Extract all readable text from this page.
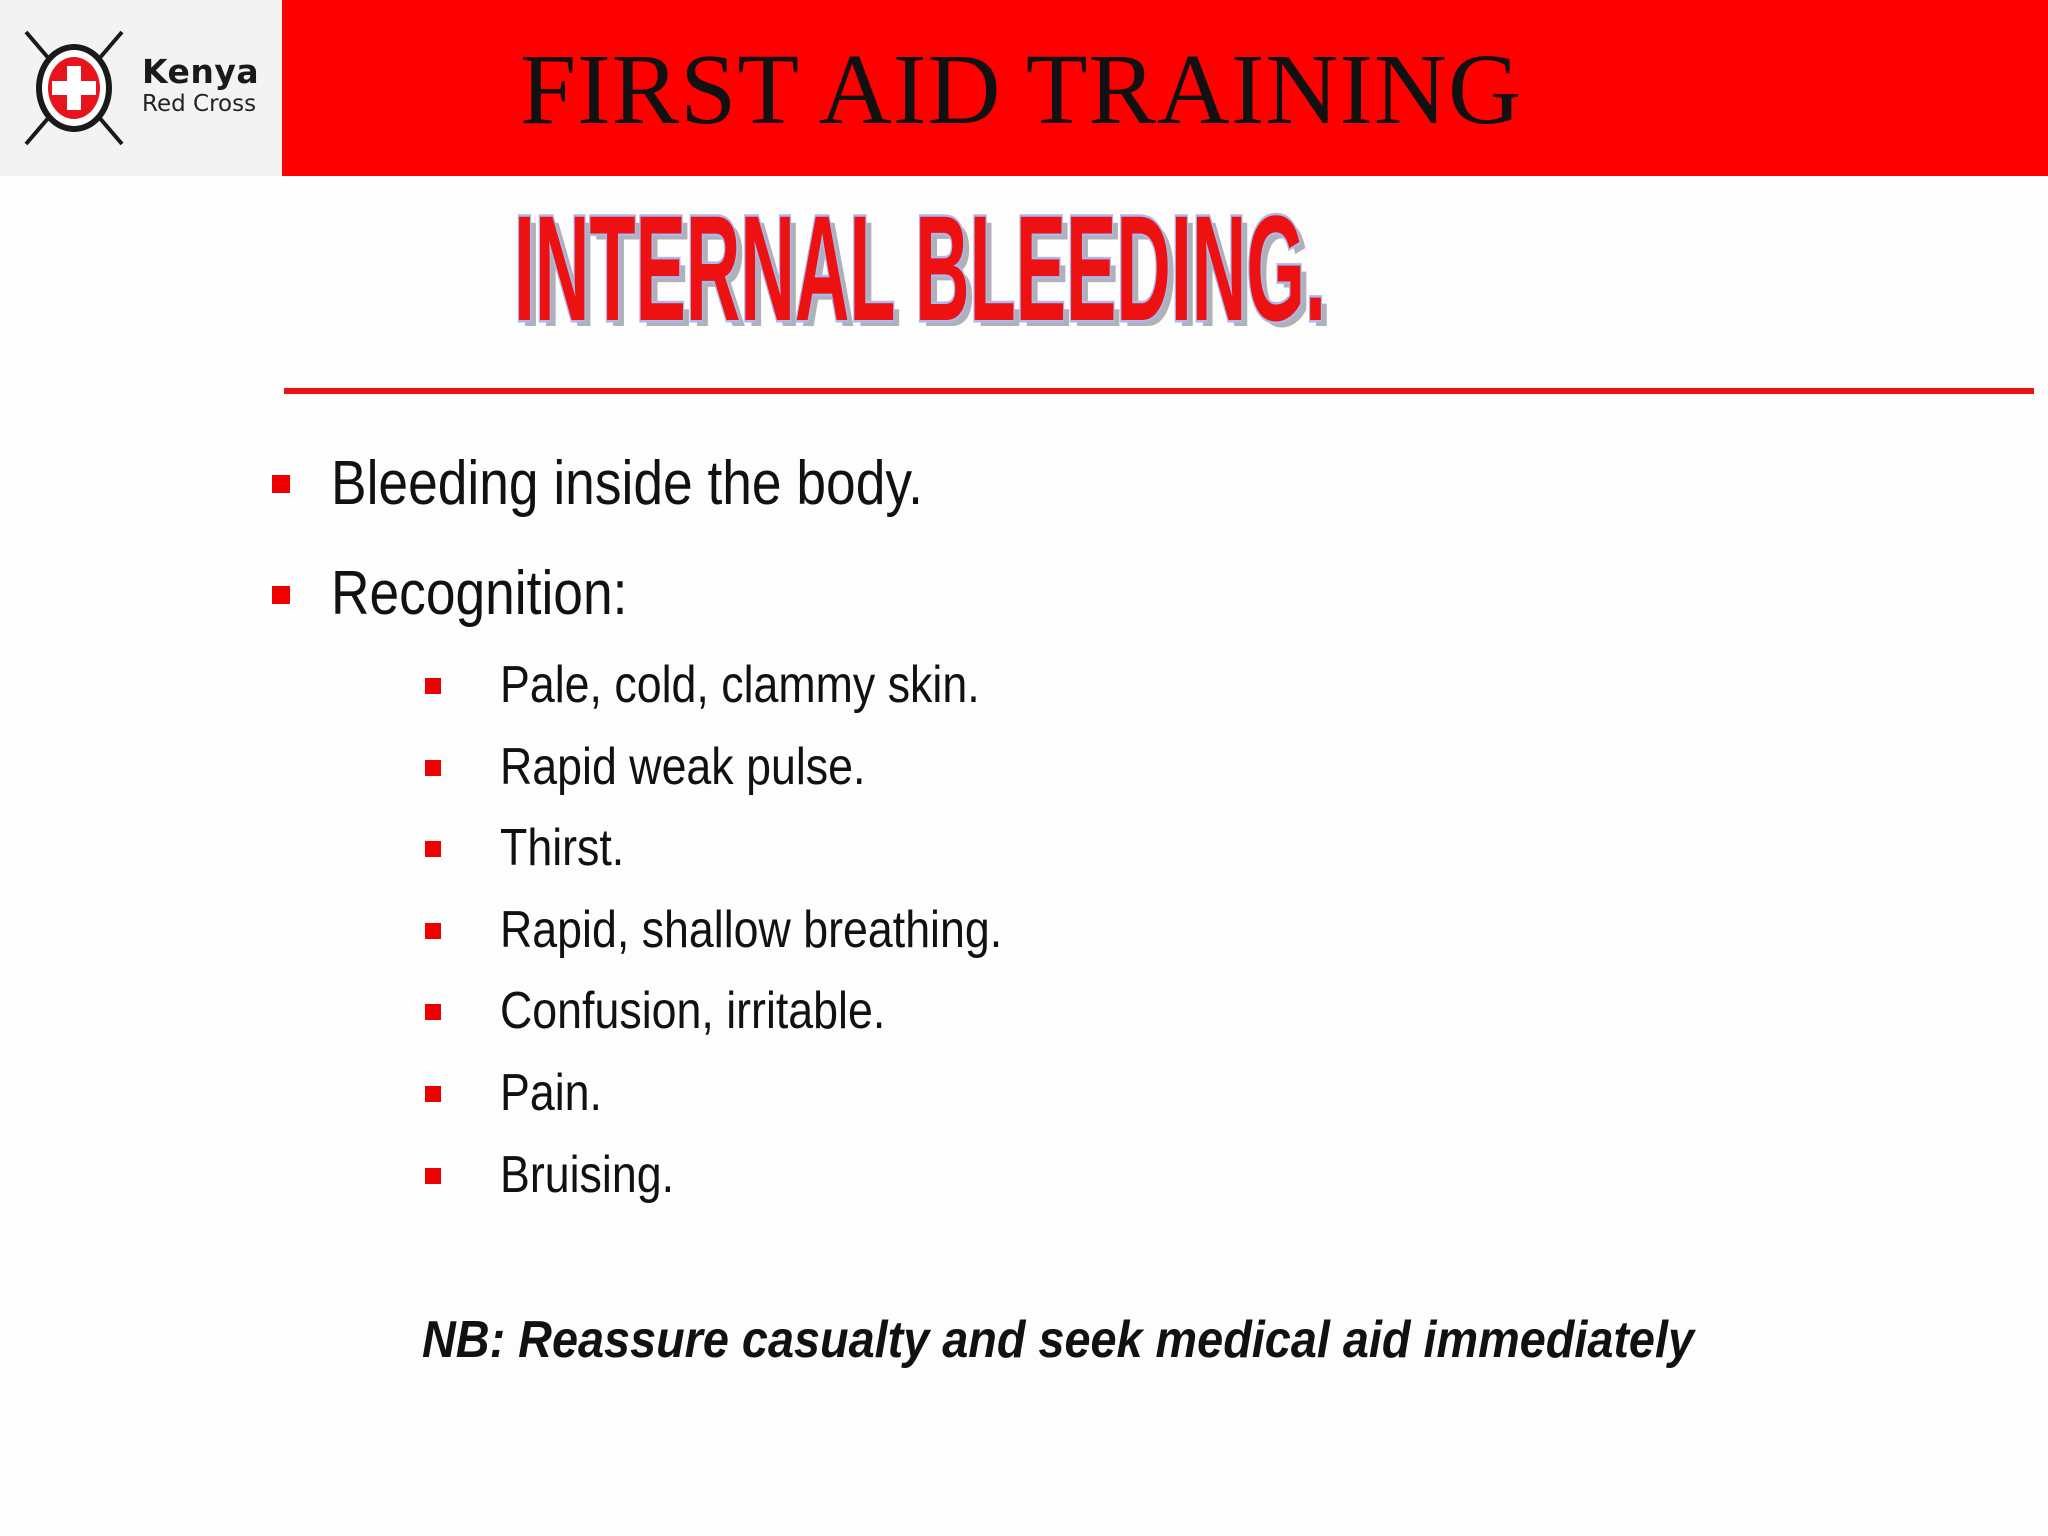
Kenya
Red Cross	FIRST AID TRAINING
INTERNAL BLEEDING.
INTERNAL BLEEDING.
Bleeding inside the body.
Recognition:
Pale, cold, clammy skin.
Rapid weak pulse.
Thirst.
Rapid, shallow breathing.
Confusion, irritable.
Pain.
Bruising.
NB: Reassure casualty and seek medical aid immediately
